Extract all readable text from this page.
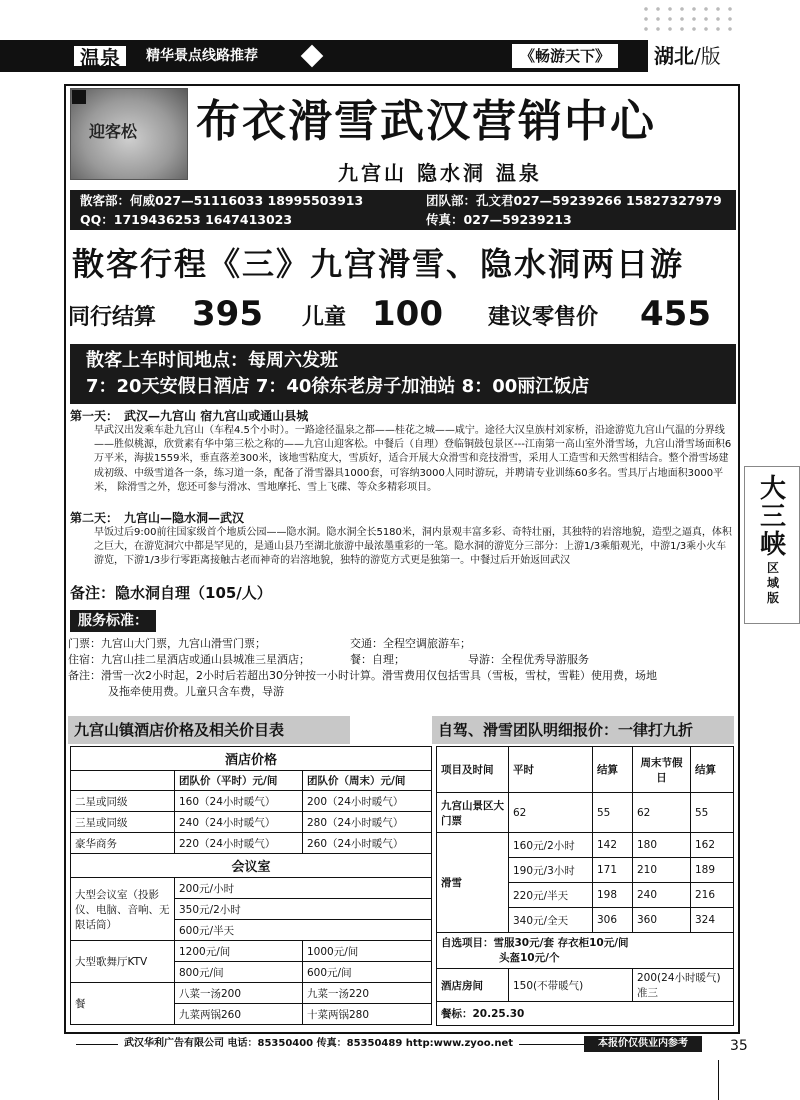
温泉	精华景点线路推荐	《畅游天下》	湖北/版
迎客松 布衣滑雪武汉营销中心
九宫山 隐水洞 温泉
散客部：何威027—51116033 18995503913	团队部：孔文君027—59239266 15827327979
QQ：1719436253 1647413023	传真：027—59239213
散客行程《三》九宫滑雪、隐水洞两日游
同行结算 395 儿童 100 建议零售价 455
散客上车时间地点：每周六发班
7：20天安假日酒店 7：40徐东老房子加油站 8：00丽江饭店
第一天： 武汉—九宫山 宿九宫山或通山县城

早武汉出发乘车赴九宫山（车程4.5个小时）。一路途径温泉之都——桂花之城——咸宁。途径大汉皇族村刘家桥，沿途游览九宫山气温的分界线——胜似桃源，欣赏素有华中第三松之称的——九宫山迎客松。中餐后（自理）登临铜鼓包景区---江南第一高山室外滑雪场，九宫山滑雪场面积6万平米，海拔1559米，垂直落差300米，该地雪粘度大，雪质好，适合开展大众滑雪和竞技滑雪，采用人工造雪和天然雪相结合。整个滑雪场建成初级、中级雪道各一条，练习道一条，配备了滑雪器具1000套，可容纳3000人同时游玩，并聘请专业训练60多名。雪具厅占地面积3000平米， 除滑雪之外，您还可参与滑冰、雪地摩托、雪上飞碟、等众多精彩项目。

第二天： 九宫山—隐水洞—武汉

早饭过后9:00前往国家级首个地质公园——隐水洞。隐水洞全长5180米，洞内景观丰富多彩、奇特壮丽，其独特的岩溶地貌，造型之逼真，体积之巨大，在游览洞穴中都是罕见的，是通山县乃至湖北旅游中最浓墨重彩的一笔。隐水洞的游览分三部分：上游1/3乘船观光，中游1/3乘小火车游览，下游1/3步行零距离接触古老而神奇的岩溶地貌，独特的游览方式更是独第一。中餐过后开始返回武汉

备注：隐水洞自理（105/人）
服务标准：
门票：九宫山大门票，九宫山滑雪门票；	交通：全程空调旅游车；
住宿：九宫山挂二星酒店或通山县城准三星酒店；	餐：自理；	导游：全程优秀导游服务
备注：滑雪一次2小时起，2小时后若超出30分钟按一小时计算。滑雪费用仅包括雪具（雪板，雪杖，雪鞋）使用费，场地
及拖牵使用费。儿童只含车费，导游
九宫山镇酒店价格及相关价目表	自驾、滑雪团队明细报价：一律打九折
酒店价格		
	团队价（平时）元/间	团队价（周末）元/间
二星或同级	160（24小时暖气）	200（24小时暖气）
三星或同级	240（24小时暖气）	280（24小时暖气）
豪华商务	220（24小时暖气）	260（24小时暖气）
会议室		
大型会议室（投影仪、电脑、音响、无限话筒）	200元/小时	
	350元/2小时	
	600元/半天	
大型歌舞厅KTV	1200元/间	1000元/间
	800元/间	600元/间
餐	八菜一汤200	九菜一汤220
	九菜两锅260	十菜两锅280
项目及时间	平时	结算	周末节假日	结算
九宫山景区大门票	62	55	62	55
滑雪	160元/2小时	142	180	162
	190元/3小时	171	210	189
	220元/半天	198	240	216
	340元/全天	306	360	324

自选项目：雪服30元/套 存衣柜10元/间
头盔10元/个				

酒店房间	150(不带暖气)		200(24小时暖气)准三	
餐标：20.25.30				
武汉华利广告有限公司 电话：85350400 传真：85350489 http:www.zyoo.net	本报价仅供业内参考	35
大三峡
区域版
